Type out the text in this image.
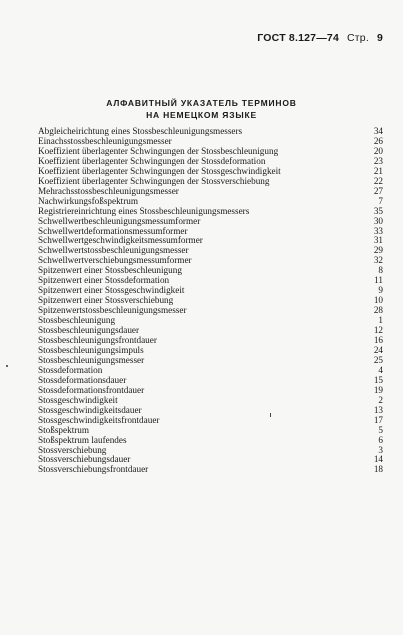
ГОСТ 8.127—74 Стр. 9
АЛФАВИТНЫЙ УКАЗАТЕЛЬ ТЕРМИНОВ
НА НЕМЕЦКОМ ЯЗЫКЕ
Abgleicheirichtung eines Stossbeschleunigungsmessers	34
Einachsstossbeschleunigungsmesser	26
Koeffizient überlagenter Schwingungen der Stossbeschleunigung	20
Koeffizient überlagenter Schwingungen der Stossdeformation	23
Koeffizient überlagenter Schwingungen der Stossgeschwindigkeit	21
Koeffizient überlagenter Schwingungen der Stossverschiebung	22
Mehrachsstossbeschleunigungsmesser	27
Nachwirkungsfoßspektrum	7
Registriereinrichtung eines Stossbeschleunigungsmessers	35
Schwellwertbeschleunigungsmessumformer	30
Schwellwertdeformationsmessumformer	33
Schwellwertgeschwindigkeitsmessumformer	31
Schwellwertstossbeschleunigungsmesser	29
Schwellwertverschiebungsmessumformer	32
Spitzenwert einer Stossbeschleunigung	8
Spitzenwert einer Stossdeformation	11
Spitzenwert einer Stossgeschwindigkeit	9
Spitzenwert einer Stossverschiebung	10
Spitzenwertstossbeschleunigungsmesser	28
Stossbeschleunigung	1
Stossbeschleunigungsdauer	12
Stossbeschleunigungsfrontdauer	16
Stossbeschleunigungsimpuls	24
Stossbeschleunigungsmesser	25
Stossdeformation	4
Stossdeformationsdauer	15
Stossdeformationsfrontdauer	19
Stossgeschwindigkeit	2
Stossgeschwindigkeitsdauer	13
Stossgeschwindigkeitsfrontdauer	17
Stoßspektrum	5
Stoßspektrum laufendes	6
Stossverschiebung	3
Stossverschiebungsdauer	14
Stossverschiebungsfrontdauer	18
